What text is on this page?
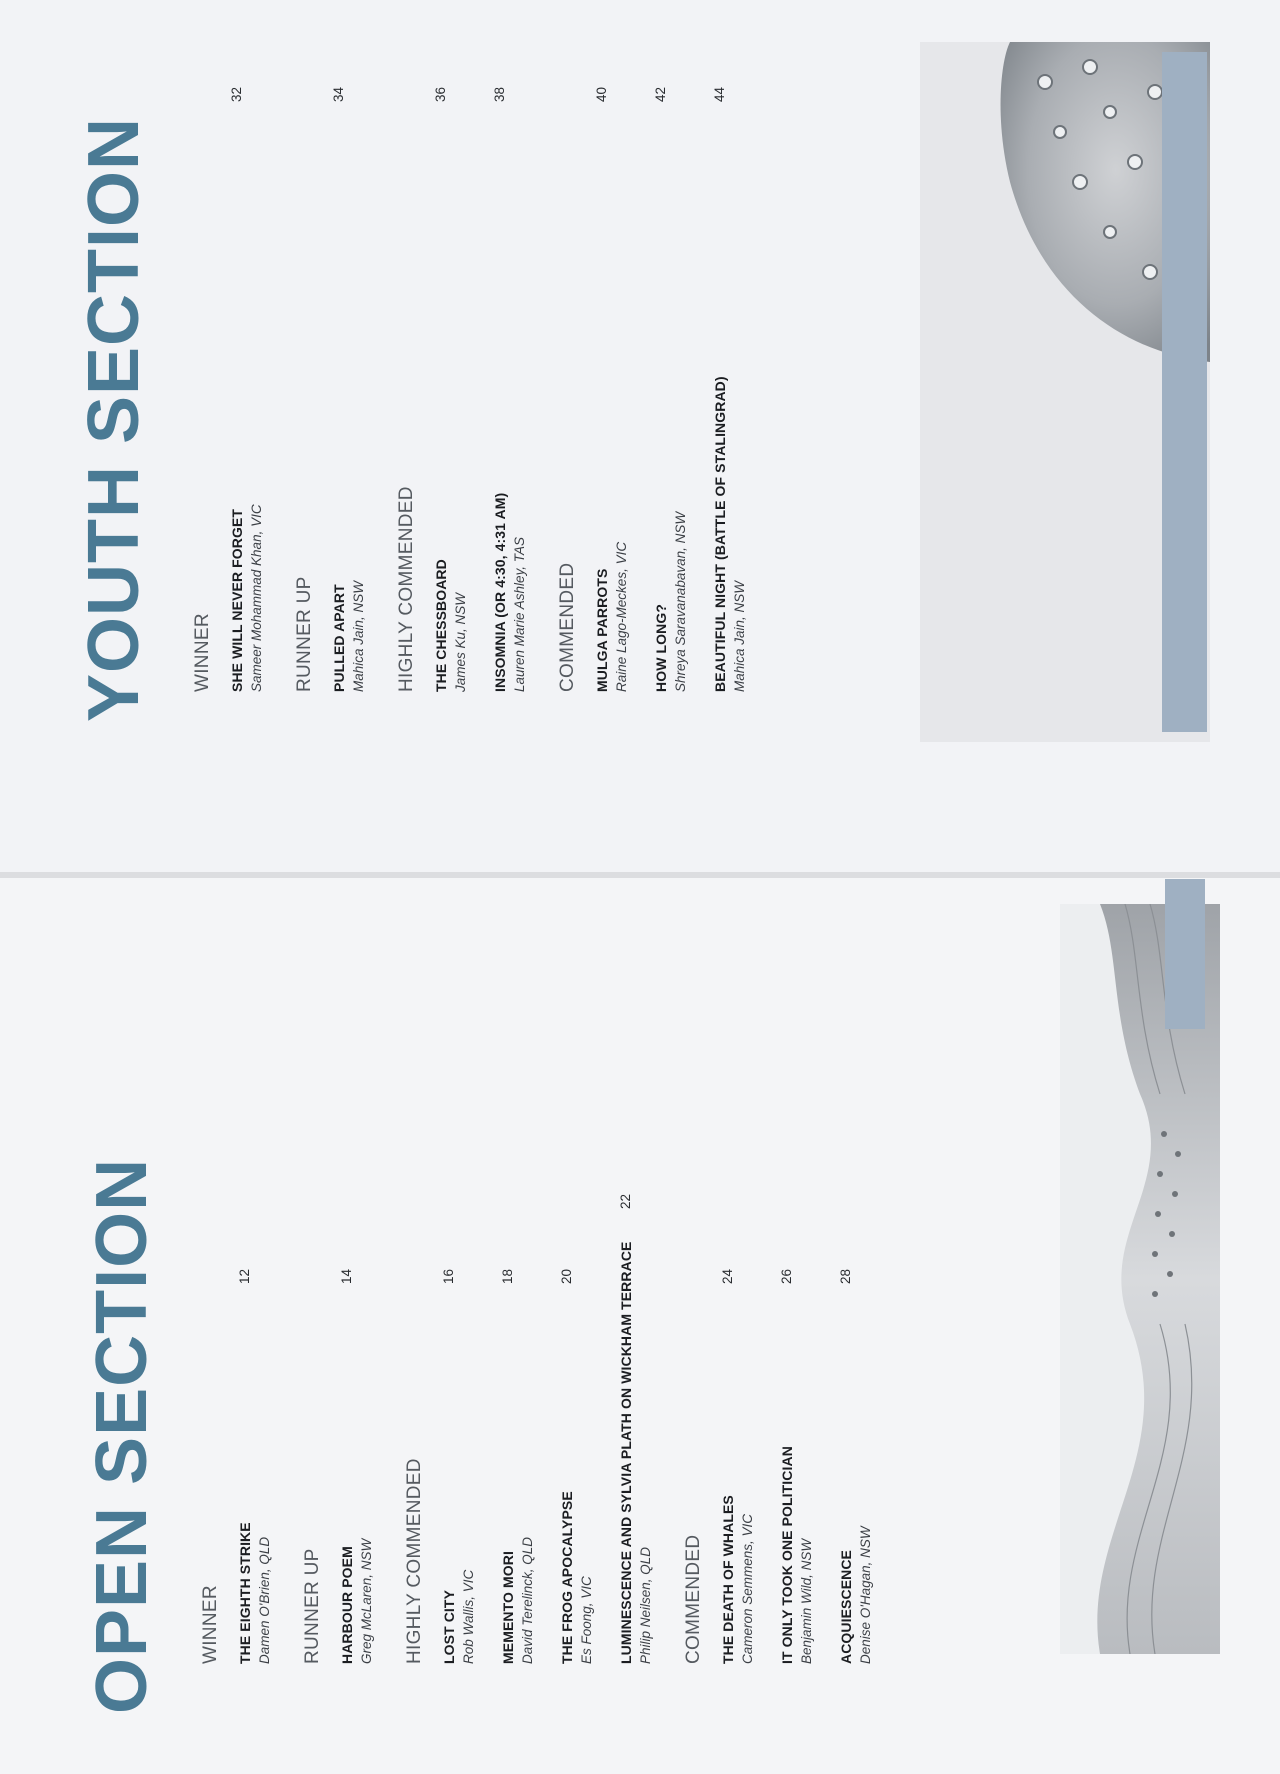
YOUTH SECTION WINNER SHE WILL NEVER FORGET Sameer Mohammad Khan, VIC
32
RUNNER UP PULLED APART Mahica Jain, NSW
34
HIGHLY COMMENDED THE CHESSBOARD James Ku, NSW
36
INSOMNIA (OR 4:30, 4:31 AM) Lauren Marie Ashley, TAS
38
COMMENDED MULGA PARROTS Raine Lago-Meckes, VIC
40
HOW LONG? Shreya Saravanabavan, NSW
42
BEAUTIFUL NIGHT (BATTLE OF STALINGRAD) Mahica Jain, NSW
44
OPEN SECTION WINNER THE EIGHTH STRIKE Damen O'Brien, QLD
12
RUNNER UP HARBOUR POEM Greg McLaren, NSW
14
HIGHLY COMMENDED LOST CITY Rob Wallis, VIC
16
MEMENTO MORI David Terelinck, QLD
18
THE FROG APOCALYPSE Es Foong, VIC
20	LUMINESCENCE AND SYLVIA PLATH ON WICKHAM TERRACE Philip Neilsen, QLD
22
COMMENDED THE DEATH OF WHALES Cameron Semmens, VIC
24
IT ONLY TOOK ONE POLITICIAN Benjamin Wild, NSW
26
ACQUIESCENCE Denise O'Hagan, NSW
28
